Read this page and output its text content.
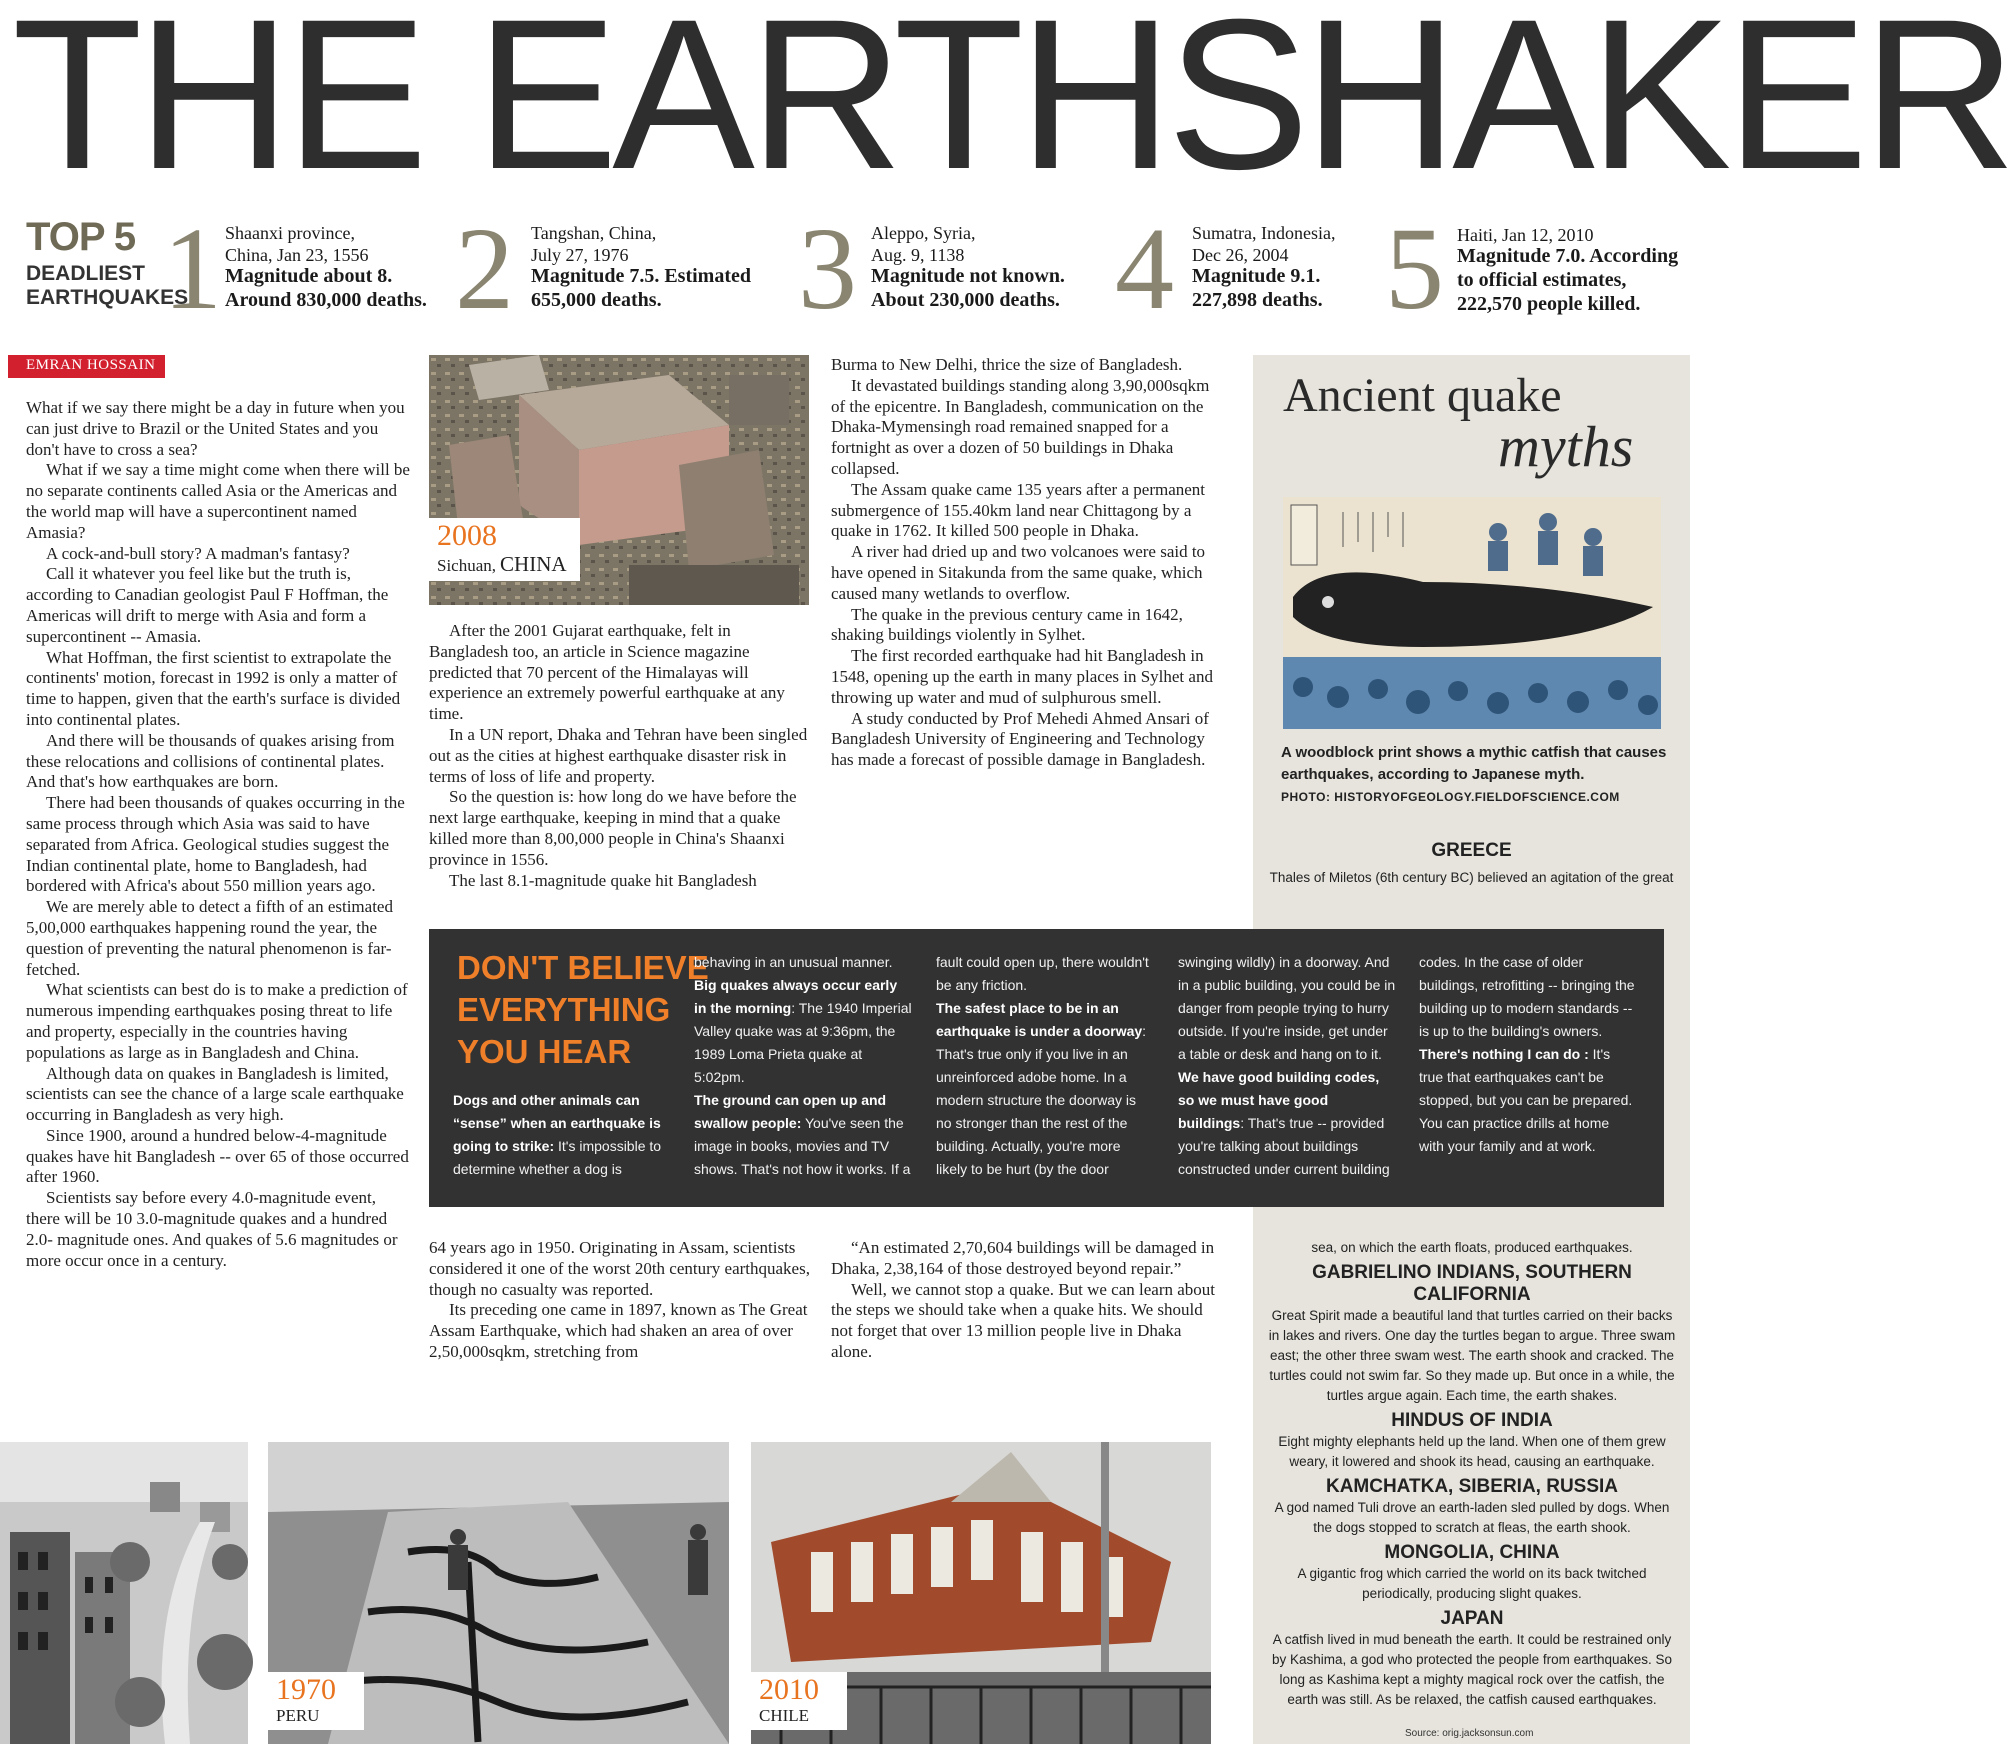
THE EARTHSHAKER
TOP 5
DEADLIEST
EARTHQUAKES
1 Shaanxi province,
China, Jan 23, 1556
Magnitude about 8.
Around 830,000 deaths. 2 Tangshan, China,
July 27, 1976
Magnitude 7.5. Estimated
655,000 deaths.	3 Aleppo, Syria,
Aug. 9, 1138
Magnitude not known.
About 230,000 deaths. 4 Sumatra, Indonesia,
Dec 26, 2004
Magnitude 9.1.
227,898 deaths. 5 Haiti, Jan 12, 2010
Magnitude 7.0. According
to official estimates,
222,570 people killed.
EMRAN HOSSAIN

What if we say there might be a day in future when you can just drive to Brazil or the United States and you don't have to cross a sea?

What if we say a time might come when there will be no separate continents called Asia or the Americas and the world map will have a supercontinent named Amasia?

A cock-and-bull story? A madman's fantasy?

Call it whatever you feel like but the truth is, according to Canadian geologist Paul F Hoffman, the Americas will drift to merge with Asia and form a supercontinent -- Amasia.

What Hoffman, the first scientist to extrapolate the continents' motion, forecast in 1992 is only a matter of time to happen, given that the earth's surface is divided into continental plates.

And there will be thousands of quakes arising from these relocations and collisions of continental plates. And that's how earthquakes are born.

There had been thousands of quakes occurring in the same process through which Asia was said to have separated from Africa. Geological studies suggest the Indian continental plate, home to Bangladesh, had bordered with Africa's about 550 million years ago.

We are merely able to detect a fifth of an estimated 5,00,000 earthquakes happening round the year, the question of preventing the natural phenomenon is far-fetched.

What scientists can best do is to make a prediction of numerous impending earthquakes posing threat to life and property, especially in the countries having populations as large as in Bangladesh and China.

Although data on quakes in Bangladesh is limited, scientists can see the chance of a large scale earthquake occurring in Bangladesh as very high.

Since 1900, around a hundred below-4-magnitude quakes have hit Bangladesh -- over 65 of those occurred after 1960.

Scientists say before every 4.0-magnitude event, there will be 10 3.0-magnitude quakes and a hundred 2.0- magnitude ones. And quakes of 5.6 magnitudes or more occur once in a century.

2008
Sichuan, CHINA

After the 2001 Gujarat earthquake, felt in Bangladesh too, an article in Science magazine predicted that 70 percent of the Himalayas will experience an extremely powerful earthquake at any time.

In a UN report, Dhaka and Tehran have been singled out as the cities at highest earthquake disaster risk in terms of loss of life and property.

So the question is: how long do we have before the next large earthquake, keeping in mind that a quake killed more than 8,00,000 people in China's Shaanxi province in 1556.

The last 8.1-magnitude quake hit Bangladesh

Burma to New Delhi, thrice the size of Bangladesh.

It devastated buildings standing along 3,90,000sqkm of the epicentre. In Bangladesh, communication on the Dhaka-Mymensingh road remained snapped for a fortnight as over a dozen of 50 buildings in Dhaka collapsed.

The Assam quake came 135 years after a permanent submergence of 155.40km land near Chittagong by a quake in 1762. It killed 500 people in Dhaka.

A river had dried up and two volcanoes were said to have opened in Sitakunda from the same quake, which caused many wetlands to overflow.

The quake in the previous century came in 1642, shaking buildings violently in Sylhet.

The first recorded earthquake had hit Bangladesh in 1548, opening up the earth in many places in Sylhet and throwing up water and mud of sulphurous smell.

A study conducted by Prof Mehedi Ahmed Ansari of Bangladesh University of Engineering and Technology has made a forecast of possible damage in Bangladesh.

Ancient quake
myths
A woodblock print shows a mythic catfish that causes earthquakes, according to Japanese myth.
PHOTO: HISTORYOFGEOLOGY.FIELDOFSCIENCE.COM
GREECE
Thales of Miletos (6th century BC) believed an agitation of the great
sea, on which the earth floats, produced earthquakes.
GABRIELINO INDIANS, SOUTHERN CALIFORNIA
Great Spirit made a beautiful land that turtles carried on their backs in lakes and rivers. One day the turtles began to argue. Three swam east; the other three swam west. The earth shook and cracked. The turtles could not swim far. So they made up. But once in a while, the turtles argue again. Each time, the earth shakes.
HINDUS OF INDIA
Eight mighty elephants held up the land. When one of them grew weary, it lowered and shook its head, causing an earthquake.
KAMCHATKA, SIBERIA, RUSSIA
A god named Tuli drove an earth-laden sled pulled by dogs. When the dogs stopped to scratch at fleas, the earth shook.
MONGOLIA, CHINA
A gigantic frog which carried the world on its back twitched periodically, producing slight quakes.
JAPAN
A catfish lived in mud beneath the earth. It could be restrained only by Kashima, a god who protected the people from earthquakes. So long as Kashima kept a mighty magical rock over the catfish, the earth was still. As be relaxed, the catfish caused earthquakes.
Source: orig.jacksonsun.com
DON'T BELIEVE
EVERYTHING
YOU HEAR

Dogs and other animals can “sense” when an earthquake is going to strike: It's impossible to determine whether a dog is

behaving in an unusual manner.
Big quakes always occur early in the morning: The 1940 Imperial Valley quake was at 9:36pm, the 1989 Loma Prieta quake at 5:02pm.
The ground can open up and swallow people: You've seen the image in books, movies and TV shows. That's not how it works. If a

fault could open up, there wouldn't be any friction.
The safest place to be in an earthquake is under a doorway: That's true only if you live in an unreinforced adobe home. In a modern structure the doorway is no stronger than the rest of the building. Actually, you're more likely to be hurt (by the door

swinging wildly) in a doorway. And in a public building, you could be in danger from people trying to hurry outside. If you're inside, get under a table or desk and hang on to it.
We have good building codes, so we must have good buildings: That's true -- provided you're talking about buildings constructed under current building

codes. In the case of older buildings, retrofitting -- bringing the building up to modern standards -- is up to the building's owners.
There's nothing I can do : It's true that earthquakes can't be stopped, but you can be prepared. You can practice drills at home with your family and at work.

64 years ago in 1950. Originating in Assam, scientists considered it one of the worst 20th century earthquakes, though no casualty was reported.

Its preceding one came in 1897, known as The Great Assam Earthquake, which had shaken an area of over 2,50,000sqkm, stretching from

“An estimated 2,70,604 buildings will be damaged in Dhaka, 2,38,164 of those destroyed beyond repair.”

Well, we cannot stop a quake. But we can learn about the steps we should take when a quake hits. We should not forget that over 13 million people live in Dhaka alone.

1970
PERU
2010
CHILE
